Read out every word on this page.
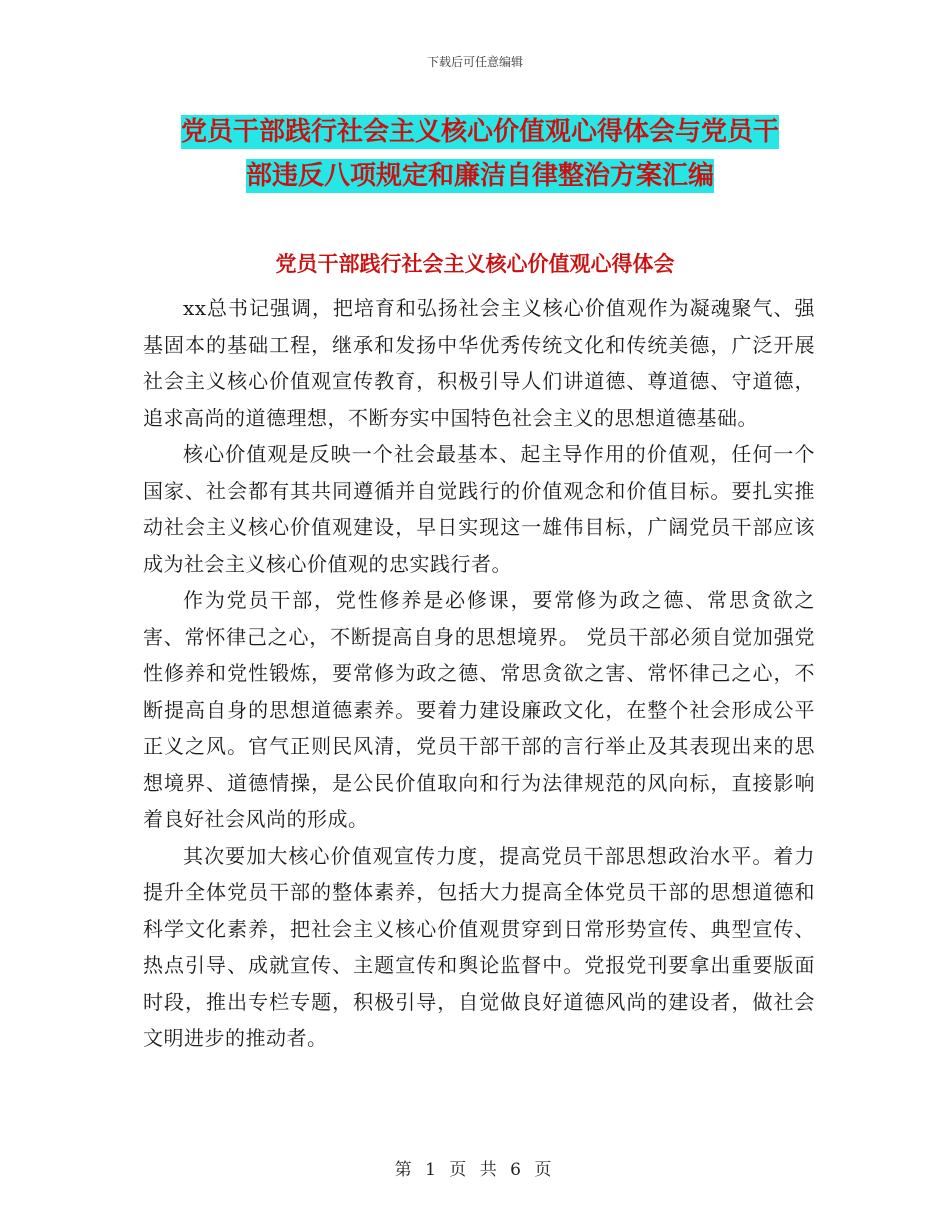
下载后可任意编辑
党员干部践行社会主义核心价值观心得体会与党员干
部违反八项规定和廉洁自律整治方案汇编
党员干部践行社会主义核心价值观心得体会

xx总书记强调，把培育和弘扬社会主义核心价值观作为凝魂聚气、强基固本的基础工程，继承和发扬中华优秀传统文化和传统美德，广泛开展社会主义核心价值观宣传教育，积极引导人们讲道德、尊道德、守道德，追求高尚的道德理想，不断夯实中国特色社会主义的思想道德基础。

核心价值观是反映一个社会最基本、起主导作用的价值观，任何一个国家、社会都有其共同遵循并自觉践行的价值观念和价值目标。要扎实推动社会主义核心价值观建设，早日实现这一雄伟目标，广阔党员干部应该成为社会主义核心价值观的忠实践行者。

作为党员干部，党性修养是必修课，要常修为政之德、常思贪欲之害、常怀律己之心，不断提高自身的思想境界。 党员干部必须自觉加强党性修养和党性锻炼，要常修为政之德、常思贪欲之害、常怀律己之心，不断提高自身的思想道德素养。要着力建设廉政文化，在整个社会形成公平正义之风。官气正则民风清，党员干部干部的言行举止及其表现出来的思想境界、道德情操，是公民价值取向和行为法律规范的风向标，直接影响着良好社会风尚的形成。

其次要加大核心价值观宣传力度，提高党员干部思想政治水平。着力提升全体党员干部的整体素养，包括大力提高全体党员干部的思想道德和科学文化素养，把社会主义核心价值观贯穿到日常形势宣传、典型宣传、热点引导、成就宣传、主题宣传和舆论监督中。党报党刊要拿出重要版面时段，推出专栏专题，积极引导，自觉做良好道德风尚的建设者，做社会文明进步的推动者。

第 1 页 共 6 页
